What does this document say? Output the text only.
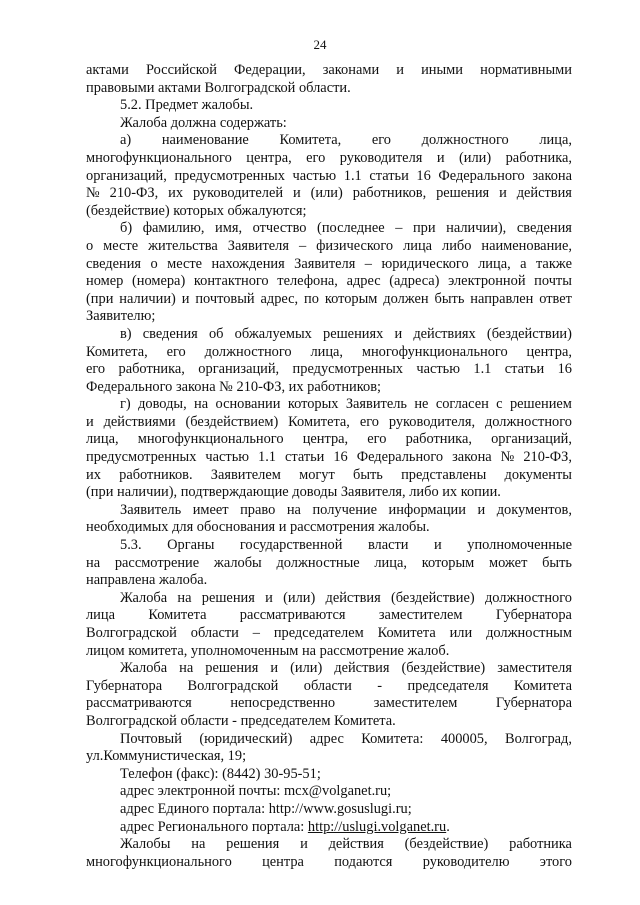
24
актами Российской Федерации, законами и иными нормативными
правовыми актами Волгоградской области.
5.2. Предмет жалобы.
Жалоба должна содержать:
а) наименование Комитета, его должностного лица,
многофункционального центра, его руководителя и (или) работника,
организаций, предусмотренных частью 1.1 статьи 16 Федерального закона
№ 210-ФЗ, их руководителей и (или) работников, решения и действия
(бездействие) которых обжалуются;
б) фамилию, имя, отчество (последнее – при наличии), сведения
о месте жительства Заявителя – физического лица либо наименование,
сведения о месте нахождения Заявителя – юридического лица, а также
номер (номера) контактного телефона, адрес (адреса) электронной почты
(при наличии) и почтовый адрес, по которым должен быть направлен ответ
Заявителю;
в) сведения об обжалуемых решениях и действиях (бездействии)
Комитета, его должностного лица, многофункционального центра,
его работника, организаций, предусмотренных частью 1.1 статьи 16
Федерального закона № 210-ФЗ, их работников;
г) доводы, на основании которых Заявитель не согласен с решением
и действиями (бездействием) Комитета, его руководителя, должностного
лица, многофункционального центра, его работника, организаций,
предусмотренных частью 1.1 статьи 16 Федерального закона № 210-ФЗ,
их работников. Заявителем могут быть представлены документы
(при наличии), подтверждающие доводы Заявителя, либо их копии.
Заявитель имеет право на получение информации и документов,
необходимых для обоснования и рассмотрения жалобы.
5.3. Органы государственной власти и уполномоченные
на рассмотрение жалобы должностные лица, которым может быть
направлена жалоба.
Жалоба на решения и (или) действия (бездействие) должностного
лица Комитета рассматриваются заместителем Губернатора
Волгоградской области – председателем Комитета или должностным
лицом комитета, уполномоченным на рассмотрение жалоб.
Жалоба на решения и (или) действия (бездействие) заместителя
Губернатора Волгоградской области - председателя Комитета
рассматриваются	непосредственно	заместителем	Губернатора
Волгоградской области - председателем Комитета.
Почтовый (юридический) адрес Комитета: 400005, Волгоград,
ул.Коммунистическая, 19;
Телефон (факс): (8442) 30-95-51;
адрес электронной почты: mcx@volganet.ru;
адрес Единого портала: http://www.gosuslugi.ru;
адрес Регионального портала: http://uslugi.volganet.ru.
Жалобы на решения и действия (бездействие) работника
многофункционального центра подаются руководителю этого
